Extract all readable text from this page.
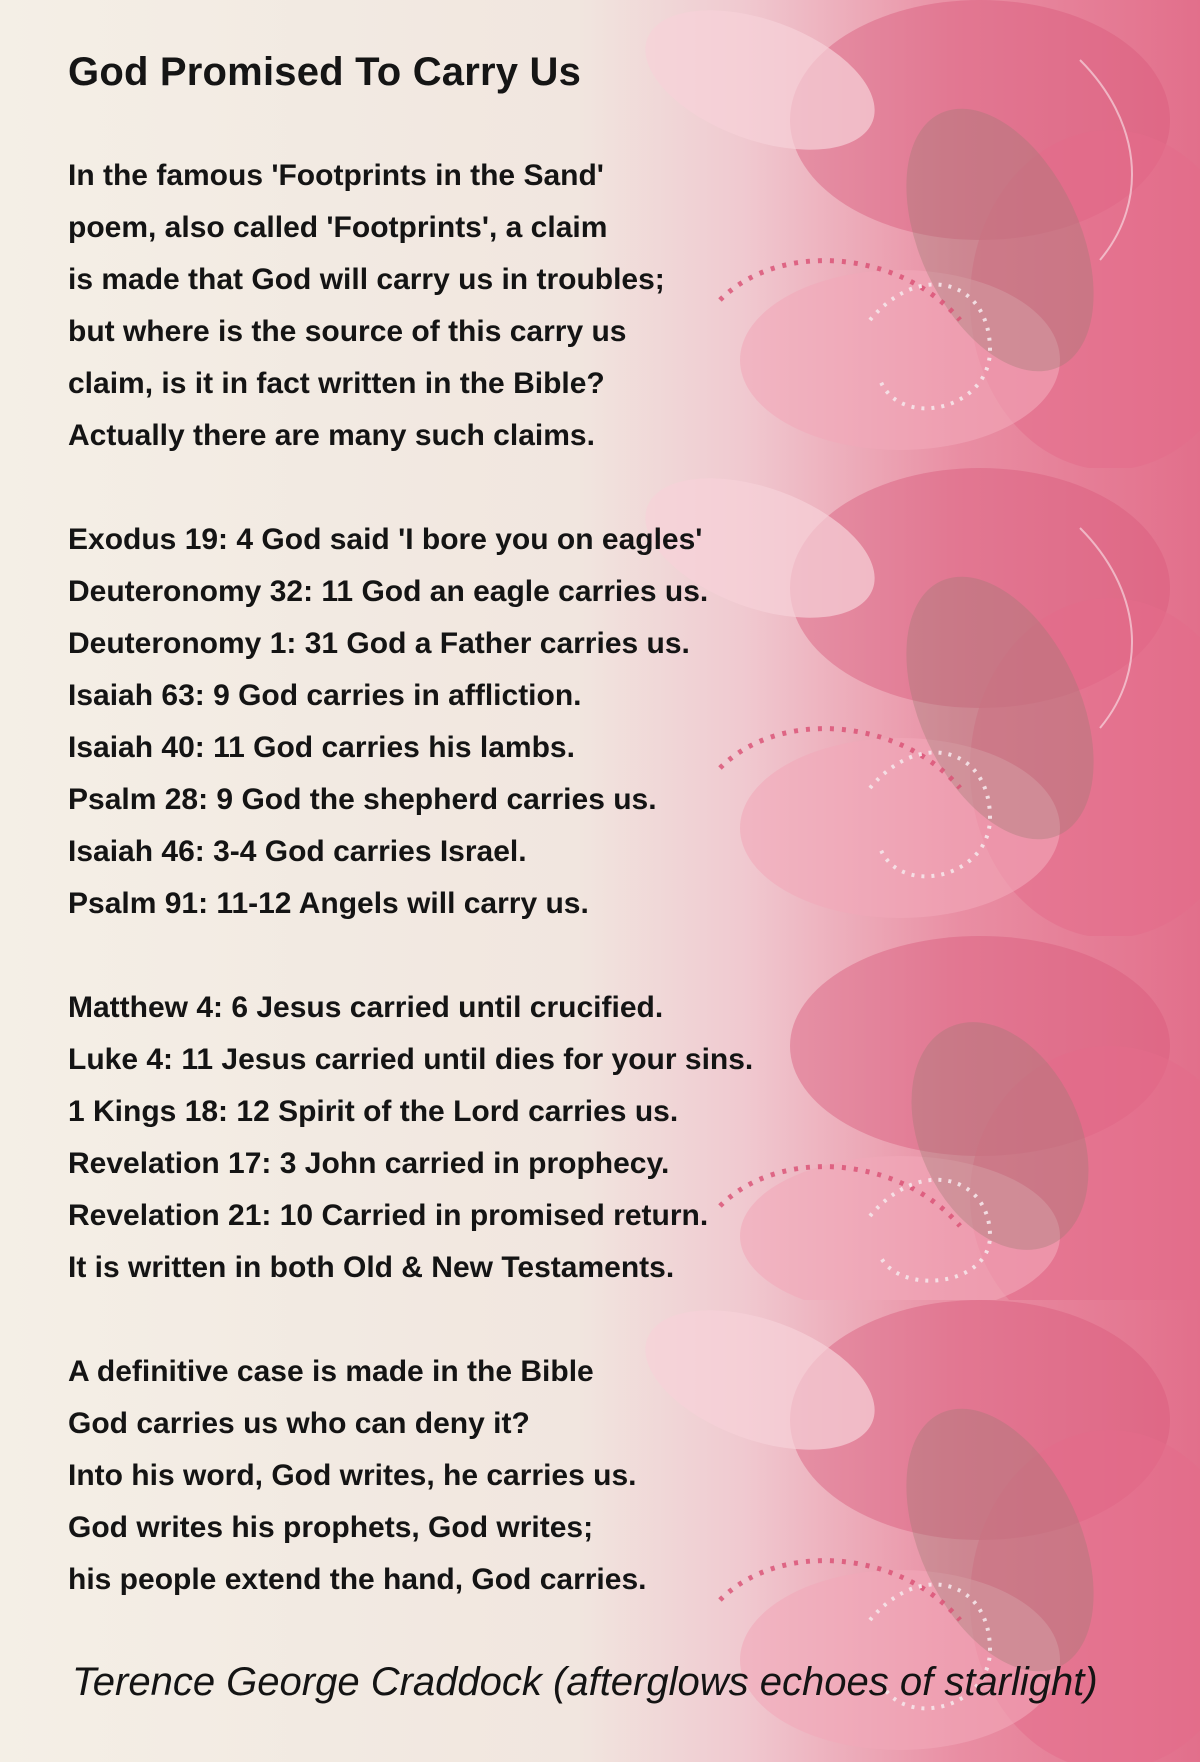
God Promised To Carry Us
In the famous 'Footprints in the Sand'
poem, also called 'Footprints', a claim
is made that God will carry us in troubles;
but where is the source of this carry us
claim, is it in fact written in the Bible?
Actually there are many such claims.
Exodus 19: 4 God said 'I bore you on eagles'
Deuteronomy 32: 11 God an eagle carries us.
Deuteronomy 1: 31 God a Father carries us.
Isaiah 63: 9 God carries in affliction.
Isaiah 40: 11 God carries his lambs.
Psalm 28: 9 God the shepherd carries us.
Isaiah 46: 3-4 God carries Israel.
Psalm 91: 11-12 Angels will carry us.
Matthew 4: 6 Jesus carried until crucified.
Luke 4: 11 Jesus carried until dies for your sins.
1 Kings 18: 12 Spirit of the Lord carries us.
Revelation 17: 3 John carried in prophecy.
Revelation 21: 10 Carried in promised return.
It is written in both Old & New Testaments.
A definitive case is made in the Bible
God carries us who can deny it?
Into his word, God writes, he carries us.
God writes his prophets, God writes;
his people extend the hand, God carries.
Terence George Craddock (afterglows echoes of starlight)
